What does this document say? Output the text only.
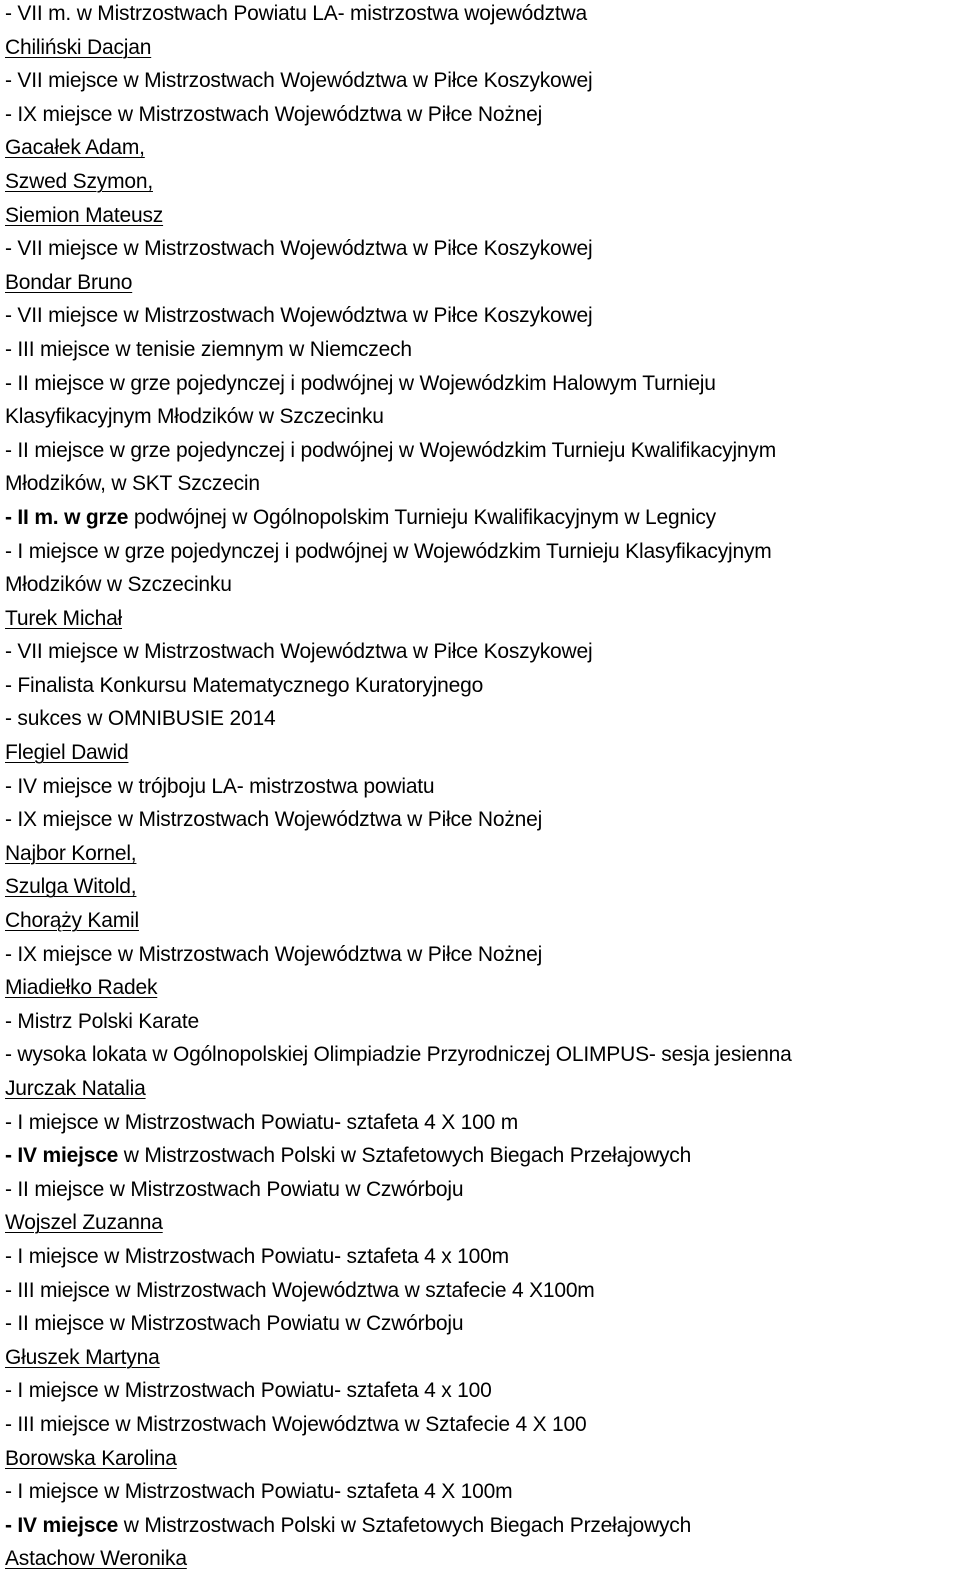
- VII m. w Mistrzostwach Powiatu LA- mistrzostwa województwa
Chiliński Dacjan
- VII miejsce w Mistrzostwach Województwa w Piłce Koszykowej
- IX miejsce w Mistrzostwach Województwa w Piłce Nożnej
Gacałek Adam,
Szwed Szymon,
Siemion Mateusz
- VII miejsce w Mistrzostwach Województwa w Piłce Koszykowej
Bondar Bruno
- VII miejsce w Mistrzostwach Województwa w Piłce Koszykowej
- III miejsce w tenisie ziemnym w Niemczech
- II miejsce w grze pojedynczej i podwójnej w Wojewódzkim Halowym Turnieju
Klasyfikacyjnym Młodzików w Szczecinku
- II miejsce w grze pojedynczej i podwójnej w Wojewódzkim Turnieju Kwalifikacyjnym
Młodzików, w SKT Szczecin
- II m. w grze podwójnej w Ogólnopolskim Turnieju Kwalifikacyjnym w Legnicy
- I miejsce w grze pojedynczej i podwójnej w Wojewódzkim Turnieju Klasyfikacyjnym
Młodzików w Szczecinku
Turek Michał
- VII miejsce w Mistrzostwach Województwa w Piłce Koszykowej
- Finalista Konkursu Matematycznego Kuratoryjnego
- sukces w OMNIBUSIE 2014
Flegiel Dawid
- IV miejsce w trójboju LA- mistrzostwa powiatu
- IX miejsce w Mistrzostwach Województwa w Piłce Nożnej
Najbor Kornel,
Szulga Witold,
Chorąży Kamil
- IX miejsce w Mistrzostwach Województwa w Piłce Nożnej
Miadiełko Radek
- Mistrz Polski Karate
- wysoka lokata w Ogólnopolskiej Olimpiadzie Przyrodniczej OLIMPUS- sesja jesienna
Jurczak Natalia
- I miejsce w Mistrzostwach Powiatu- sztafeta 4 X 100 m
- IV miejsce w Mistrzostwach Polski w Sztafetowych Biegach Przełajowych
- II miejsce w Mistrzostwach Powiatu w Czwórboju
Wojszel Zuzanna
- I miejsce w Mistrzostwach Powiatu- sztafeta 4 x 100m
- III miejsce w Mistrzostwach Województwa w sztafecie 4 X100m
- II miejsce w Mistrzostwach Powiatu w Czwórboju
Głuszek Martyna
- I miejsce w Mistrzostwach Powiatu- sztafeta 4 x 100
- III miejsce w Mistrzostwach Województwa w Sztafecie 4 X 100
Borowska Karolina
- I miejsce w Mistrzostwach Powiatu- sztafeta 4 X 100m
- IV miejsce w Mistrzostwach Polski w Sztafetowych Biegach Przełajowych
Astachow Weronika
